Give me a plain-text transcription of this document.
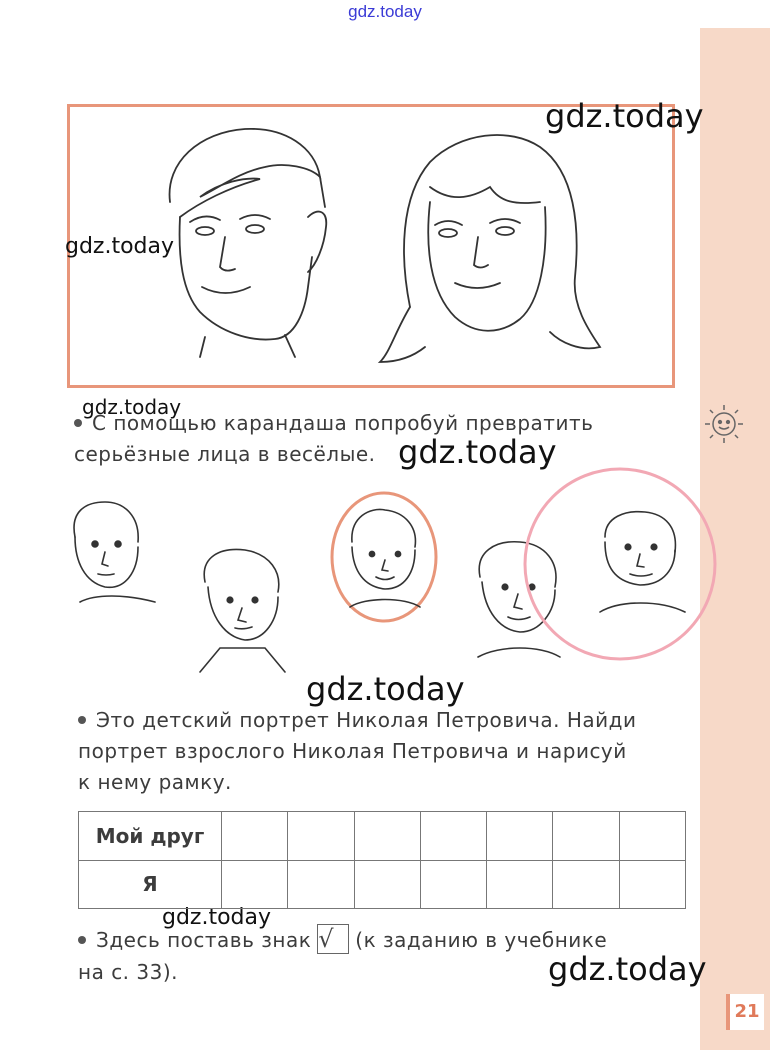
gdz.today
gdz.today
gdz.today
gdz.today
gdz.today
gdz.today
gdz.today
gdz.today
С помощью карандаша попробуй превратить
серьёзные лица в весёлые.
Это детский портрет Николая Петровича. Найди
портрет взрослого Николая Петровича и нарисуй
к нему рамку.
Мой друг							
Я							
Здесь поставь знак √ (к заданию в учебнике
на с. 33).
21
